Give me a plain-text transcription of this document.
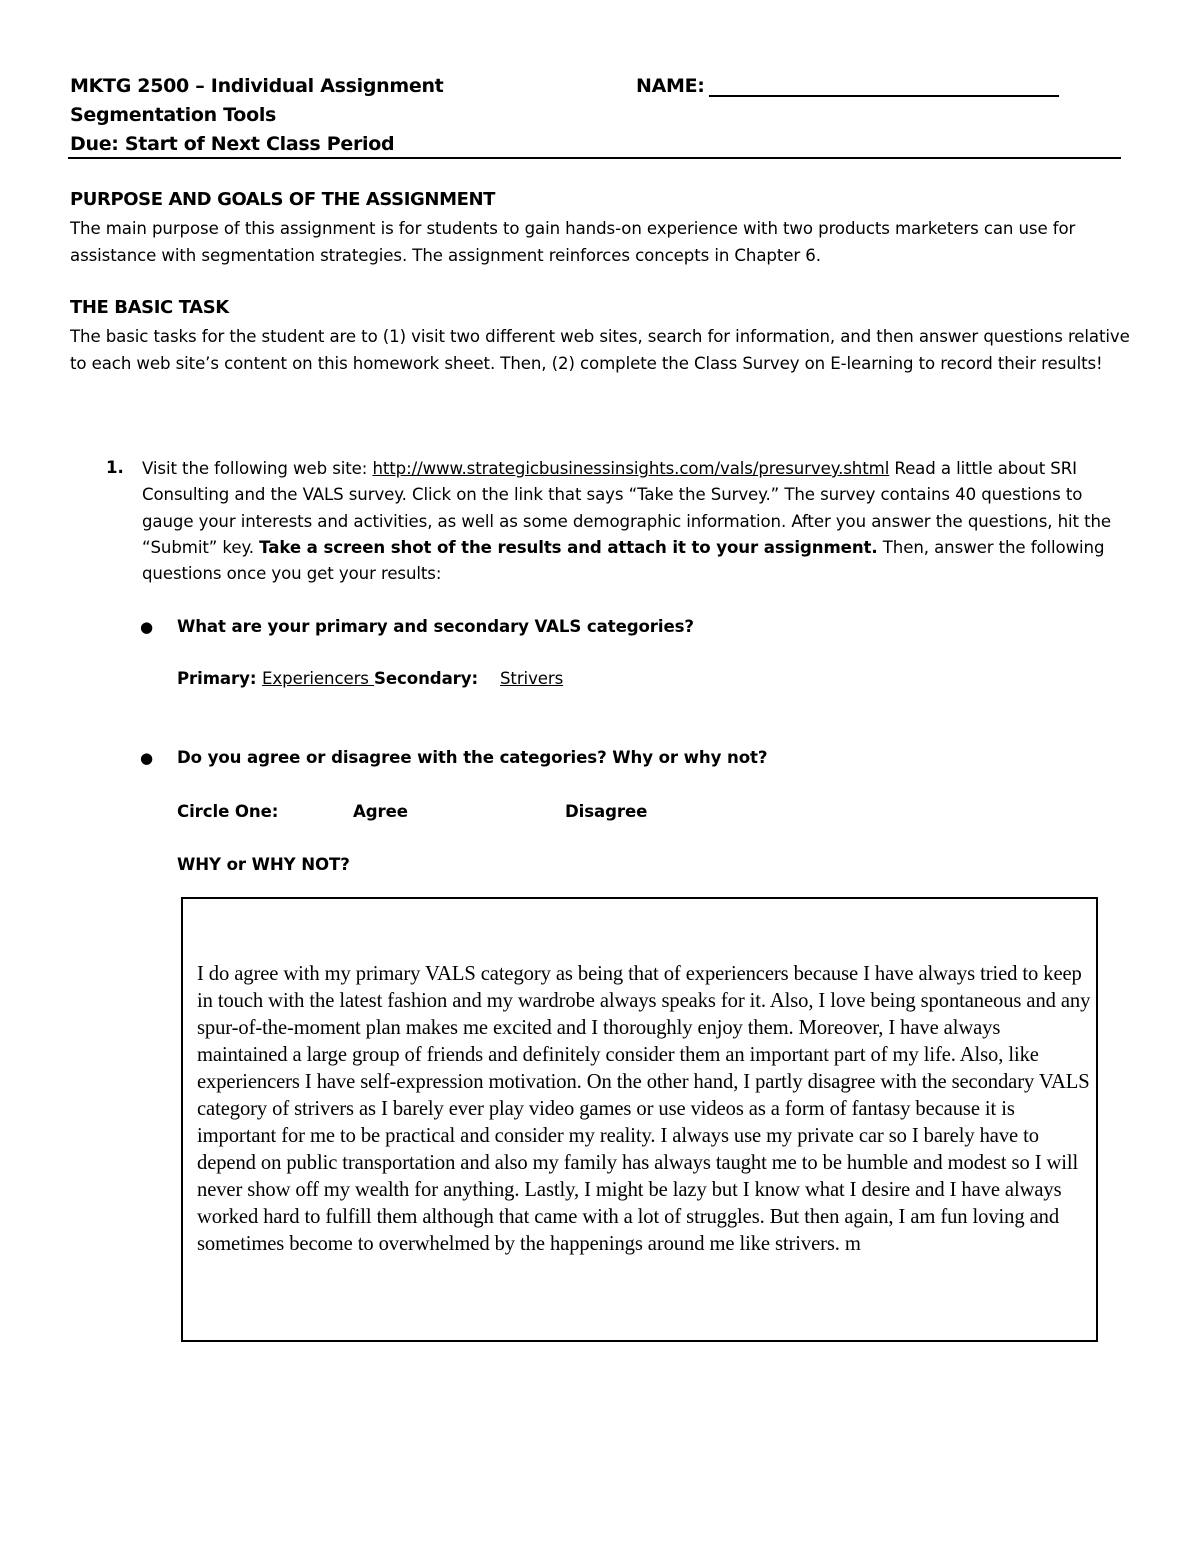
MKTG 2500 – Individual Assignment
Segmentation Tools
Due: Start of Next Class Period
NAME:
PURPOSE AND GOALS OF THE ASSIGNMENT
The main purpose of this assignment is for students to gain hands-on experience with two products marketers can use for assistance with segmentation strategies. The assignment reinforces concepts in Chapter 6.
THE BASIC TASK
The basic tasks for the student are to (1) visit two different web sites, search for information, and then answer questions relative to each web site’s content on this homework sheet. Then, (2) complete the Class Survey on E-learning to record their results!
1. Visit the following web site: http://www.strategicbusinessinsights.com/vals/presurvey.shtml Read a little about SRI Consulting and the VALS survey. Click on the link that says “Take the Survey.” The survey contains 40 questions to gauge your interests and activities, as well as some demographic information. After you answer the questions, hit the “Submit” key. Take a screen shot of the results and attach it to your assignment. Then, answer the following questions once you get your results:
● What are your primary and secondary VALS categories?
Primary: Experiencers Secondary: Strivers
● Do you agree or disagree with the categories? Why or why not?
Circle One:	Agree	Disagree
WHY or WHY NOT?
I do agree with my primary VALS category as being that of experiencers because I have always tried to keep in touch with the latest fashion and my wardrobe always speaks for it. Also, I love being spontaneous and any spur-of-the-moment plan makes me excited and I thoroughly enjoy them. Moreover, I have always maintained a large group of friends and definitely consider them an important part of my life. Also, like experiencers I have self-expression motivation. On the other hand, I partly disagree with the secondary VALS category of strivers as I barely ever play video games or use videos as a form of fantasy because it is important for me to be practical and consider my reality. I always use my private car so I barely have to depend on public transportation and also my family has always taught me to be humble and modest so I will never show off my wealth for anything. Lastly, I might be lazy but I know what I desire and I have always worked hard to fulfill them although that came with a lot of struggles. But then again, I am fun loving and sometimes become to overwhelmed by the happenings around me like strivers. m
